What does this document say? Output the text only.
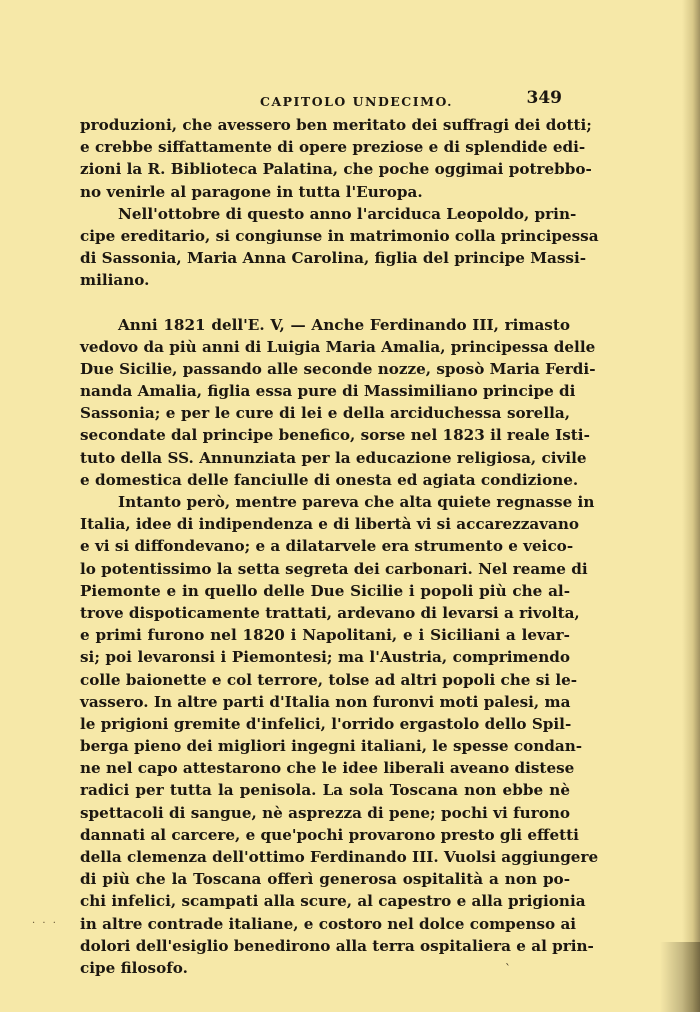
CAPITOLO UNDECIMO.	349
produzioni, che avessero ben meritato dei suffragi dei dotti;
e crebbe siffattamente di opere preziose e di splendide edi-
zioni la R. Biblioteca Palatina, che poche oggimai potrebbo-
no venirle al paragone in tutta l'Europa.
Nell'ottobre di questo anno l'arciduca Leopoldo, prin-
cipe ereditario, si congiunse in matrimonio colla principessa
di Sassonia, Maria Anna Carolina, figlia del principe Massi-
miliano.
Anni 1821 dell'E. V, — Anche Ferdinando III, rimasto
vedovo da più anni di Luigia Maria Amalia, principessa delle
Due Sicilie, passando alle seconde nozze, sposò Maria Ferdi-
nanda Amalia, figlia essa pure di Massimiliano principe di
Sassonia; e per le cure di lei e della arciduchessa sorella,
secondate dal principe benefico, sorse nel 1823 il reale Isti-
tuto della SS. Annunziata per la educazione religiosa, civile
e domestica delle fanciulle di onesta ed agiata condizione.
Intanto però, mentre pareva che alta quiete regnasse in
Italia, idee di indipendenza e di libertà vi si accarezzavano
e vi si diffondevano; e a dilatarvele era strumento e veico-
lo potentissimo la setta segreta dei carbonari. Nel reame di
Piemonte e in quello delle Due Sicilie i popoli più che al-
trove dispoticamente trattati, ardevano di levarsi a rivolta,
e primi furono nel 1820 i Napolitani, e i Siciliani a levar-
si; poi levaronsi i Piemontesi; ma l'Austria, comprimendo
colle baionette e col terrore, tolse ad altri popoli che si le-
vassero. In altre parti d'Italia non furonvi moti palesi, ma
le prigioni gremite d'infelici, l'orrido ergastolo dello Spil-
berga pieno dei migliori ingegni italiani, le spesse condan-
ne nel capo attestarono che le idee liberali aveano distese
radici per tutta la penisola. La sola Toscana non ebbe nè
spettacoli di sangue, nè asprezza di pene; pochi vi furono
dannati al carcere, e que'pochi provarono presto gli effetti
della clemenza dell'ottimo Ferdinando III. Vuolsi aggiungere
di più che la Toscana offerì generosa ospitalità a non po-
chi infelici, scampati alla scure, al capestro e alla prigionia
in altre contrade italiane, e costoro nel dolce compenso ai
dolori dell'esiglio benedirono alla terra ospitaliera e al prin-
cipe filosofo.
· · ·
ˋ
